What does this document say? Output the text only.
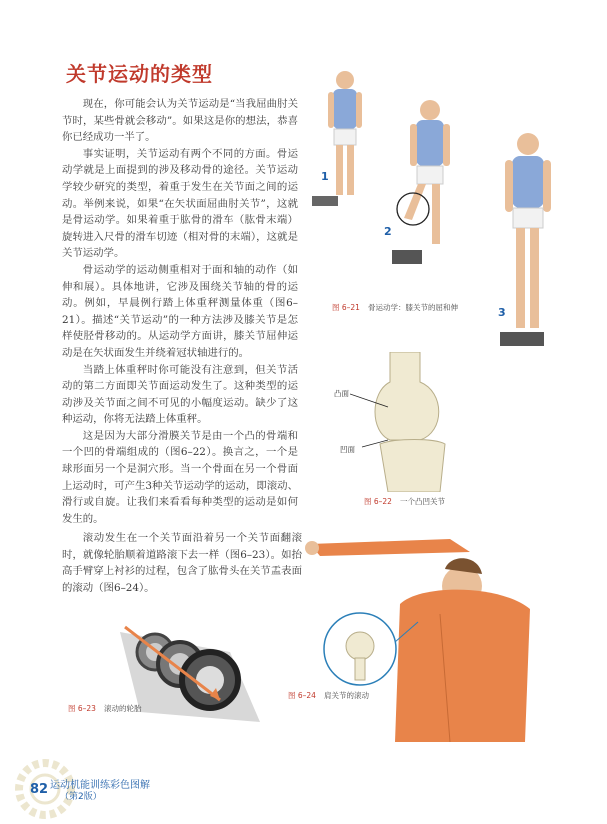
关节运动的类型

现在，你可能会认为关节运动是“当我屈曲肘关节时，某些骨就会移动”。如果这是你的想法，恭喜你已经成功一半了。

事实证明，关节运动有两个不同的方面。骨运动学就是上面提到的涉及移动骨的途径。关节运动学较少研究的类型，着重于发生在关节面之间的运动。举例来说，如果“在矢状面屈曲肘关节”，这就是骨运动学。如果着重于肱骨的滑车（肱骨末端）旋转进入尺骨的滑车切迹（相对骨的末端），这就是关节运动学。

骨运动学的运动侧重相对于面和轴的动作（如伸和展）。具体地讲，它涉及围绕关节轴的骨的运动。例如，早晨例行踏上体重秤测量体重（图6–21）。描述“关节运动”的一种方法涉及膝关节是怎样使胫骨移动的。从运动学方面讲，膝关节屈伸运动是在矢状面发生并绕着冠状轴进行的。

当踏上体重秤时你可能没有注意到，但关节活动的第二方面即关节面运动发生了。这种类型的运动涉及关节面之间不可见的小幅度运动。缺少了这种运动，你将无法踏上体重秤。

这是因为大部分滑膜关节是由一个凸的骨端和一个凹的骨端组成的（图6–22）。换言之，一个是球形面另一个是洞穴形。当一个骨面在另一个骨面上运动时，可产生3种关节运动学的运动，即滚动、滑行或自旋。让我们来看看每种类型的运动是如何发生的。

1
2
3
图 6–21 骨运动学：膝关节的屈和伸
凸面
凹面
图 6–22 一个凸凹关节

滚动发生在一个关节面沿着另一个关节面翻滚时，就像轮胎顺着道路滚下去一样（图6–23）。如抬高手臂穿上衬衫的过程，包含了肱骨头在关节盂表面的滚动（图6–24）。

图 6–23 滚动的轮胎
图 6–24 肩关节的滚动
82 运动机能训练彩色图解
（第2版）
